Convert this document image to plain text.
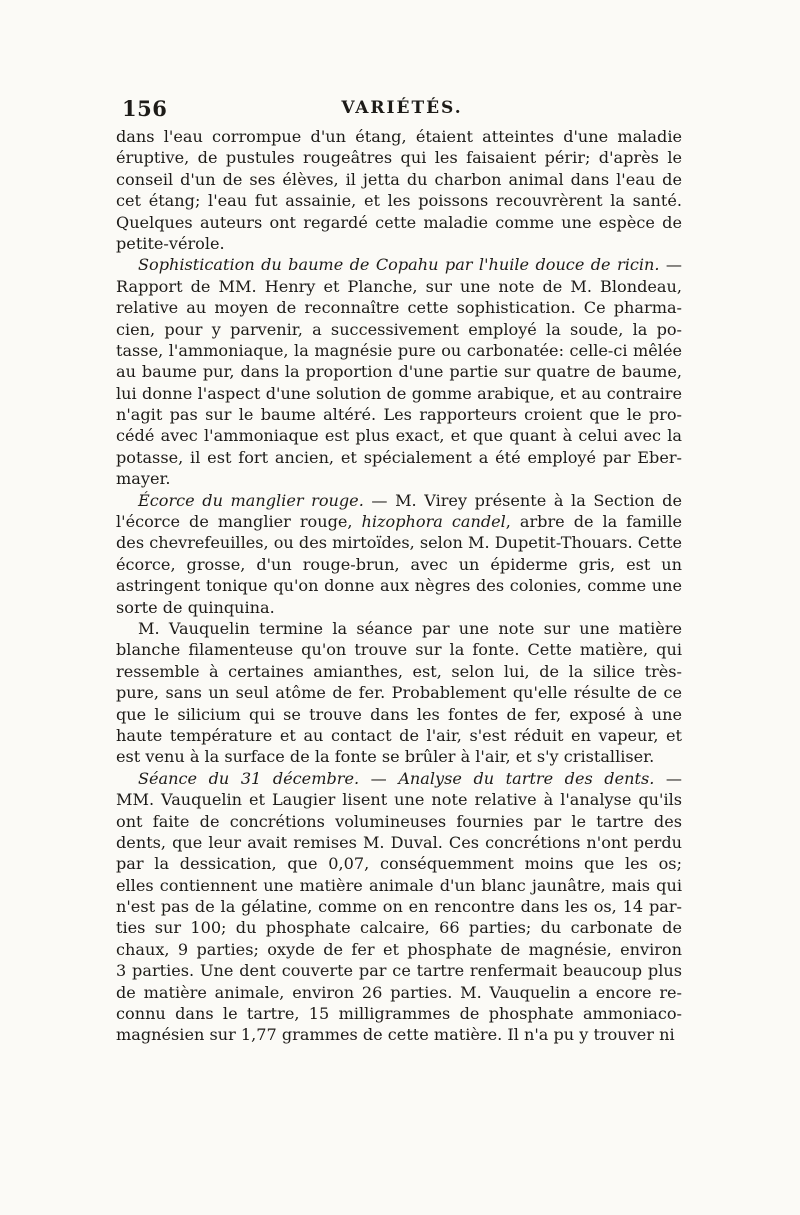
156	VARIÉTÉS.
dans l'eau corrompue d'un étang, étaient atteintes d'une maladie
éruptive, de pustules rougeâtres qui les faisaient périr; d'après le
conseil d'un de ses élèves, il jetta du charbon animal dans l'eau de
cet étang; l'eau fut assainie, et les poissons recouvrèrent la santé.
Quelques auteurs ont regardé cette maladie comme une espèce de
petite-vérole.
Sophistication du baume de Copahu par l'huile douce de ricin. —
Rapport de MM. Henry et Planche, sur une note de M. Blondeau,
relative au moyen de reconnaître cette sophistication. Ce pharma-
cien, pour y parvenir, a successivement employé la soude, la po-
tasse, l'ammoniaque, la magnésie pure ou carbonatée: celle-ci mêlée
au baume pur, dans la proportion d'une partie sur quatre de baume,
lui donne l'aspect d'une solution de gomme arabique, et au contraire
n'agit pas sur le baume altéré. Les rapporteurs croient que le pro-
cédé avec l'ammoniaque est plus exact, et que quant à celui avec la
potasse, il est fort ancien, et spécialement a été employé par Eber-
mayer.
Écorce du manglier rouge. — M. Virey présente à la Section de
l'écorce de manglier rouge, hizophora candel, arbre de la famille
des chevrefeuilles, ou des mirtoïdes, selon M. Dupetit-Thouars. Cette
écorce, grosse, d'un rouge-brun, avec un épiderme gris, est un
astringent tonique qu'on donne aux nègres des colonies, comme une
sorte de quinquina.
M. Vauquelin termine la séance par une note sur une matière
blanche filamenteuse qu'on trouve sur la fonte. Cette matière, qui
ressemble à certaines amianthes, est, selon lui, de la silice très-
pure, sans un seul atôme de fer. Probablement qu'elle résulte de ce
que le silicium qui se trouve dans les fontes de fer, exposé à une
haute température et au contact de l'air, s'est réduit en vapeur, et
est venu à la surface de la fonte se brûler à l'air, et s'y cristalliser.
Séance du 31 décembre. — Analyse du tartre des dents. —
MM. Vauquelin et Laugier lisent une note relative à l'analyse qu'ils
ont faite de concrétions volumineuses fournies par le tartre des
dents, que leur avait remises M. Duval. Ces concrétions n'ont perdu
par la dessication, que 0,07, conséquemment moins que les os;
elles contiennent une matière animale d'un blanc jaunâtre, mais qui
n'est pas de la gélatine, comme on en rencontre dans les os, 14 par-
ties sur 100; du phosphate calcaire, 66 parties; du carbonate de
chaux, 9 parties; oxyde de fer et phosphate de magnésie, environ
3 parties. Une dent couverte par ce tartre renfermait beaucoup plus
de matière animale, environ 26 parties. M. Vauquelin a encore re-
connu dans le tartre, 15 milligrammes de phosphate ammoniaco-
magnésien sur 1,77 grammes de cette matière. Il n'a pu y trouver ni
